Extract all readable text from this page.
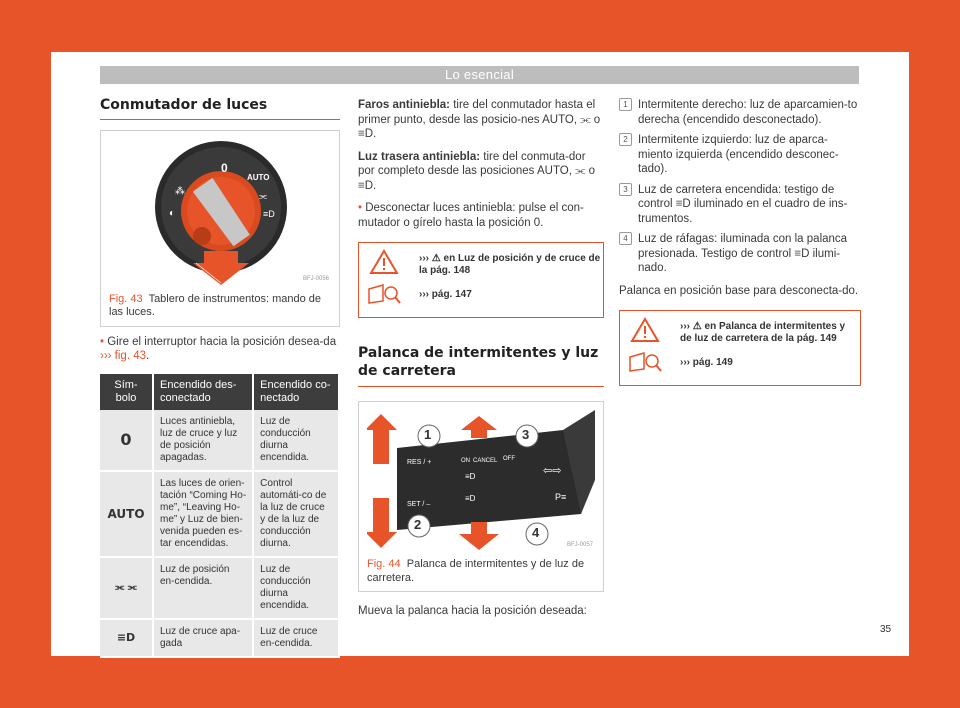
Lo esencial
Conmutador de luces
0
AUTO
⁂
◐
⫘
≡D
BFJ-0056
Fig. 43 Tablero de instrumentos: mando de las luces.

• Gire el interruptor hacia la posición desea-da ››› fig. 43.

Sím-bolo	Encendido des-conectado	Encendido co-nectado
0	Luces antiniebla, luz de cruce y luz de posición apagadas.	Luz de conducción diurna encendida.
AUTO	Las luces de orien-tación “Coming Ho-me”, “Leaving Ho-me” y Luz de bien-venida pueden es-tar encendidas.	Control automáti-co de la luz de cruce y de la luz de conducción diurna.
⫘ ⫘	Luz de posición en-cendida.	Luz de conducción diurna encendida.
≡D	Luz de cruce apa-gada	Luz de cruce en-cendida.

Faros antiniebla: tire del conmutador hasta el primer punto, desde las posicio-nes AUTO, ⫘ o ≡D.

Luz trasera antiniebla: tire del conmuta-dor por completo desde las posiciones AUTO, ⫘ o ≡D.

• Desconectar luces antiniebla: pulse el con-mutador o gírelo hasta la posición 0.

››› ⚠ en Luz de posición y de cruce de la pág. 148
››› pág. 147
Palanca de intermitentes y luz de carretera
1	3
2
4
RES / +
SET / –
ON CANCEL OFF
⇦⇨
P≡
≡D
≡D
BFJ-0057
Fig. 44 Palanca de intermitentes y de luz de carretera.

Mueva la palanca hacia la posición deseada:

1 Intermitente derecho: luz de aparcamien-to derecha (encendido desconectado).
2 Intermitente izquierdo: luz de aparca-miento izquierda (encendido desconec-tado).
3 Luz de carretera encendida: testigo de control ≡D iluminado en el cuadro de ins-trumentos.
4 Luz de ráfagas: iluminada con la palanca presionada. Testigo de control ≡D ilumi-nado.

Palanca en posición base para desconecta-do.

››› ⚠ en Palanca de intermitentes y de luz de carretera de la pág. 149
››› pág. 149
35
